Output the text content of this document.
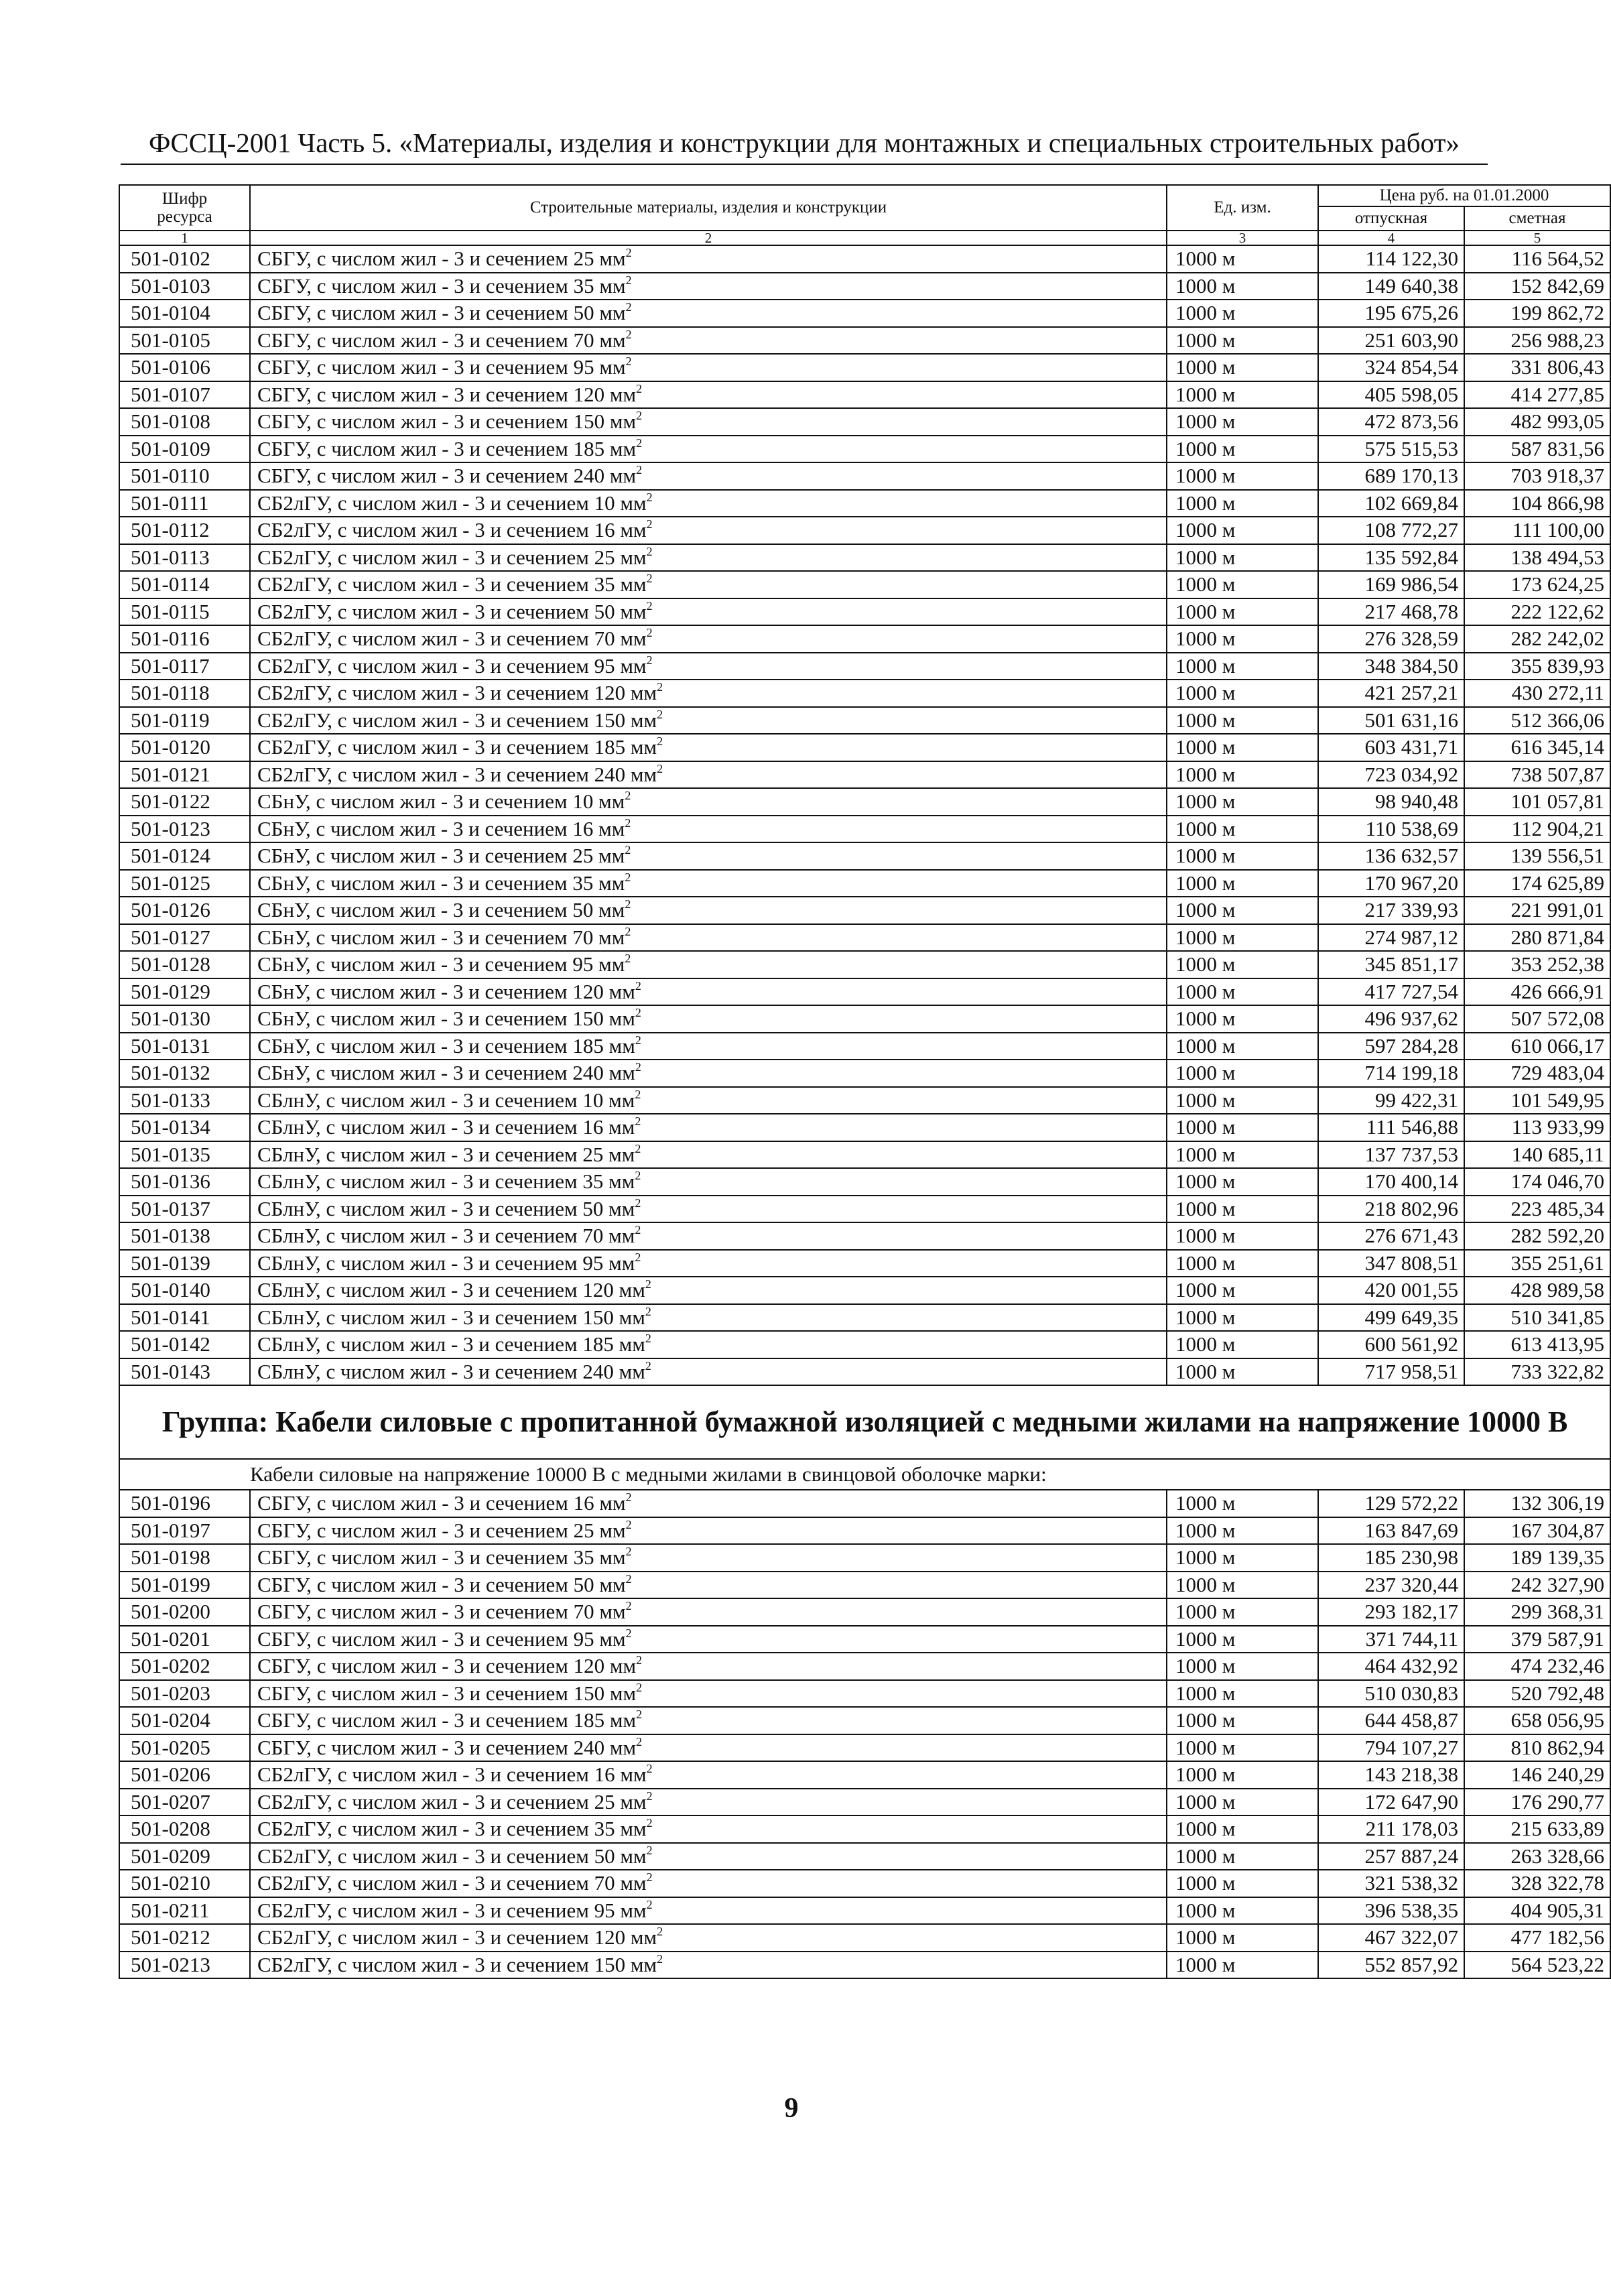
ФССЦ-2001 Часть 5. «Материалы, изделия и конструкции для монтажных и специальных строительных работ»
Шифр ресурса	Строительные материалы, изделия и конструкции	Ед. изм.	Цена руб. на 01.01.2000	
			отпускная	сметная
1	2	3	4	5
501-0102	СБГУ, с числом жил - 3 и сечением 25 $мм^2$	1000 м	114 122,30	116 564,52
501-0103	СБГУ, с числом жил - 3 и сечением 35 $мм^2$	1000 м	149 640,38	152 842,69
501-0104	СБГУ, с числом жил - 3 и сечением 50 $мм^2$	1000 м	195 675,26	199 862,72
501-0105	СБГУ, с числом жил - 3 и сечением 70 $мм^2$	1000 м	251 603,90	256 988,23
501-0106	СБГУ, с числом жил - 3 и сечением 95 $мм^2$	1000 м	324 854,54	331 806,43
501-0107	СБГУ, с числом жил - 3 и сечением 120 $мм^2$	1000 м	405 598,05	414 277,85
501-0108	СБГУ, с числом жил - 3 и сечением 150 $мм^2$	1000 м	472 873,56	482 993,05
501-0109	СБГУ, с числом жил - 3 и сечением 185 $мм^2$	1000 м	575 515,53	587 831,56
501-0110	СБГУ, с числом жил - 3 и сечением 240 $мм^2$	1000 м	689 170,13	703 918,37
501-0111	СБ2лГУ, с числом жил - 3 и сечением 10 $мм^2$	1000 м	102 669,84	104 866,98
501-0112	СБ2лГУ, с числом жил - 3 и сечением 16 $мм^2$	1000 м	108 772,27	111 100,00
501-0113	СБ2лГУ, с числом жил - 3 и сечением 25 $мм^2$	1000 м	135 592,84	138 494,53
501-0114	СБ2лГУ, с числом жил - 3 и сечением 35 $мм^2$	1000 м	169 986,54	173 624,25
501-0115	СБ2лГУ, с числом жил - 3 и сечением 50 $мм^2$	1000 м	217 468,78	222 122,62
501-0116	СБ2лГУ, с числом жил - 3 и сечением 70 $мм^2$	1000 м	276 328,59	282 242,02
501-0117	СБ2лГУ, с числом жил - 3 и сечением 95 $мм^2$	1000 м	348 384,50	355 839,93
501-0118	СБ2лГУ, с числом жил - 3 и сечением 120 $мм^2$	1000 м	421 257,21	430 272,11
501-0119	СБ2лГУ, с числом жил - 3 и сечением 150 $мм^2$	1000 м	501 631,16	512 366,06
501-0120	СБ2лГУ, с числом жил - 3 и сечением 185 $мм^2$	1000 м	603 431,71	616 345,14
501-0121	СБ2лГУ, с числом жил - 3 и сечением 240 $мм^2$	1000 м	723 034,92	738 507,87
501-0122	СБнУ, с числом жил - 3 и сечением 10 $мм^2$	1000 м	98 940,48	101 057,81
501-0123	СБнУ, с числом жил - 3 и сечением 16 $мм^2$	1000 м	110 538,69	112 904,21
501-0124	СБнУ, с числом жил - 3 и сечением 25 $мм^2$	1000 м	136 632,57	139 556,51
501-0125	СБнУ, с числом жил - 3 и сечением 35 $мм^2$	1000 м	170 967,20	174 625,89
501-0126	СБнУ, с числом жил - 3 и сечением 50 $мм^2$	1000 м	217 339,93	221 991,01
501-0127	СБнУ, с числом жил - 3 и сечением 70 $мм^2$	1000 м	274 987,12	280 871,84
501-0128	СБнУ, с числом жил - 3 и сечением 95 $мм^2$	1000 м	345 851,17	353 252,38
501-0129	СБнУ, с числом жил - 3 и сечением 120 $мм^2$	1000 м	417 727,54	426 666,91
501-0130	СБнУ, с числом жил - 3 и сечением 150 $мм^2$	1000 м	496 937,62	507 572,08
501-0131	СБнУ, с числом жил - 3 и сечением 185 $мм^2$	1000 м	597 284,28	610 066,17
501-0132	СБнУ, с числом жил - 3 и сечением 240 $мм^2$	1000 м	714 199,18	729 483,04
501-0133	СБлнУ, с числом жил - 3 и сечением 10 $мм^2$	1000 м	99 422,31	101 549,95
501-0134	СБлнУ, с числом жил - 3 и сечением 16 $мм^2$	1000 м	111 546,88	113 933,99
501-0135	СБлнУ, с числом жил - 3 и сечением 25 $мм^2$	1000 м	137 737,53	140 685,11
501-0136	СБлнУ, с числом жил - 3 и сечением 35 $мм^2$	1000 м	170 400,14	174 046,70
501-0137	СБлнУ, с числом жил - 3 и сечением 50 $мм^2$	1000 м	218 802,96	223 485,34
501-0138	СБлнУ, с числом жил - 3 и сечением 70 $мм^2$	1000 м	276 671,43	282 592,20
501-0139	СБлнУ, с числом жил - 3 и сечением 95 $мм^2$	1000 м	347 808,51	355 251,61
501-0140	СБлнУ, с числом жил - 3 и сечением 120 $мм^2$	1000 м	420 001,55	428 989,58
501-0141	СБлнУ, с числом жил - 3 и сечением 150 $мм^2$	1000 м	499 649,35	510 341,85
501-0142	СБлнУ, с числом жил - 3 и сечением 185 $мм^2$	1000 м	600 561,92	613 413,95
501-0143	СБлнУ, с числом жил - 3 и сечением 240 $мм^2$	1000 м	717 958,51	733 322,82
Группа: Кабели силовые с пропитанной бумажной изоляцией с медными жилами на напряжение 10000 В				
	Кабели силовые на напряжение 10000 В с медными жилами в свинцовой оболочке марки:			
501-0196	СБГУ, с числом жил - 3 и сечением 16 $мм^2$	1000 м	129 572,22	132 306,19
501-0197	СБГУ, с числом жил - 3 и сечением 25 $мм^2$	1000 м	163 847,69	167 304,87
501-0198	СБГУ, с числом жил - 3 и сечением 35 $мм^2$	1000 м	185 230,98	189 139,35
501-0199	СБГУ, с числом жил - 3 и сечением 50 $мм^2$	1000 м	237 320,44	242 327,90
501-0200	СБГУ, с числом жил - 3 и сечением 70 $мм^2$	1000 м	293 182,17	299 368,31
501-0201	СБГУ, с числом жил - 3 и сечением 95 $мм^2$	1000 м	371 744,11	379 587,91
501-0202	СБГУ, с числом жил - 3 и сечением 120 $мм^2$	1000 м	464 432,92	474 232,46
501-0203	СБГУ, с числом жил - 3 и сечением 150 $мм^2$	1000 м	510 030,83	520 792,48
501-0204	СБГУ, с числом жил - 3 и сечением 185 $мм^2$	1000 м	644 458,87	658 056,95
501-0205	СБГУ, с числом жил - 3 и сечением 240 $мм^2$	1000 м	794 107,27	810 862,94
501-0206	СБ2лГУ, с числом жил - 3 и сечением 16 $мм^2$	1000 м	143 218,38	146 240,29
501-0207	СБ2лГУ, с числом жил - 3 и сечением 25 $мм^2$	1000 м	172 647,90	176 290,77
501-0208	СБ2лГУ, с числом жил - 3 и сечением 35 $мм^2$	1000 м	211 178,03	215 633,89
501-0209	СБ2лГУ, с числом жил - 3 и сечением 50 $мм^2$	1000 м	257 887,24	263 328,66
501-0210	СБ2лГУ, с числом жил - 3 и сечением 70 $мм^2$	1000 м	321 538,32	328 322,78
501-0211	СБ2лГУ, с числом жил - 3 и сечением 95 $мм^2$	1000 м	396 538,35	404 905,31
501-0212	СБ2лГУ, с числом жил - 3 и сечением 120 $мм^2$	1000 м	467 322,07	477 182,56
501-0213	СБ2лГУ, с числом жил - 3 и сечением 150 $мм^2$	1000 м	552 857,92	564 523,22
9
